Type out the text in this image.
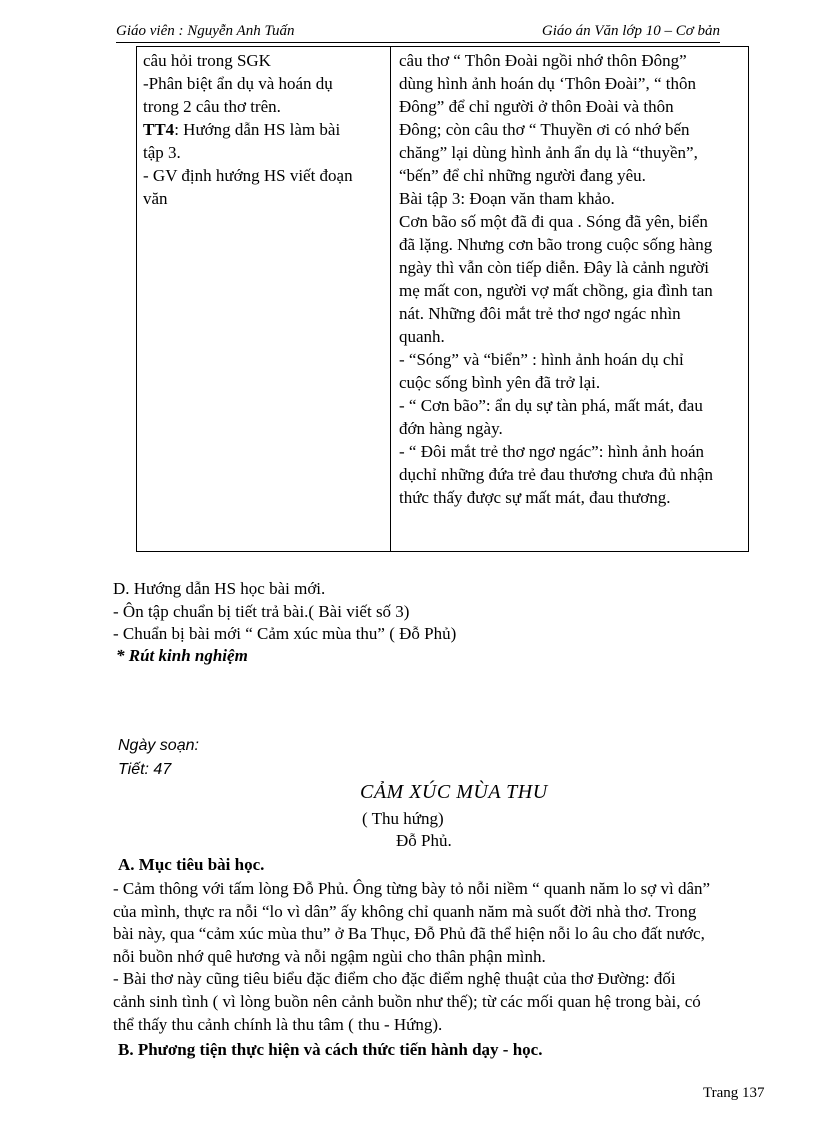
Giáo viên : Nguyễn Anh Tuấn	Giáo án Văn lớp 10 – Cơ bản
câu hỏi trong SGK
-Phân biệt ẩn dụ và hoán dụ
trong 2 câu thơ trên.
TT4: Hướng dẫn HS làm bài
tập 3.
- GV định hướng HS viết đoạn
văn
câu thơ “ Thôn Đoài ngồi nhớ thôn Đông”
dùng hình ảnh hoán dụ ‘Thôn Đoài”, “ thôn
Đông” để chỉ người ở thôn Đoài và thôn
Đông; còn câu thơ “ Thuyền ơi có nhớ bến
chăng” lại dùng hình ảnh ẩn dụ là “thuyền”,
“bến” để chỉ những người đang yêu.
Bài tập 3: Đoạn văn tham khảo.
Cơn bão số một đã đi qua . Sóng đã yên, biển
đã lặng. Nhưng cơn bão trong cuộc sống hàng
ngày thì vẫn còn tiếp diễn. Đây là cảnh người
mẹ mất con, người vợ mất chồng, gia đình tan
nát. Những đôi mắt trẻ thơ ngơ ngác nhìn
quanh.
- “Sóng” và “biển” : hình ảnh hoán dụ chỉ
cuộc sống bình yên đã trở lại.
- “ Cơn bão”: ẩn dụ sự tàn phá, mất mát, đau
đớn hàng ngày.
- “ Đôi mắt trẻ thơ ngơ ngác”: hình ảnh hoán
dụchỉ những đứa trẻ đau thương chưa đủ nhận
thức thấy được sự mất mát, đau thương.
D. Hướng dẫn HS học bài mới.
- Ôn tập chuẩn bị tiết trả bài.( Bài viết số 3)
- Chuẩn bị bài mới “ Cảm xúc mùa thu” ( Đỗ Phủ)
* Rút kinh nghiệm
Ngày soạn:
Tiết: 47
CẢM XÚC MÙA THU
( Thu hứng)
Đỗ Phủ.
A. Mục tiêu bài học.
- Cảm thông với tấm lòng Đỗ Phủ. Ông từng bày tỏ nỗi niềm “ quanh năm lo sợ vì dân”
của mình, thực ra nỗi “lo vì dân” ấy không chỉ quanh năm mà suốt đời nhà thơ. Trong
bài này, qua “cảm xúc mùa thu” ở Ba Thục, Đỗ Phủ đã thể hiện nỗi lo âu cho đất nước,
nỗi buồn nhớ quê hương và nỗi ngậm ngùi cho thân phận mình.
- Bài thơ này cũng tiêu biểu đặc điểm cho đặc điểm nghệ thuật của thơ Đường: đối
cảnh sinh tình ( vì lòng buồn nên cảnh buồn như thế); từ các mối quan hệ trong bài, có
thể thấy thu cảnh chính là thu tâm ( thu - Hứng).
B. Phương tiện thực hiện và cách thức tiến hành dạy - học.
Trang 137
